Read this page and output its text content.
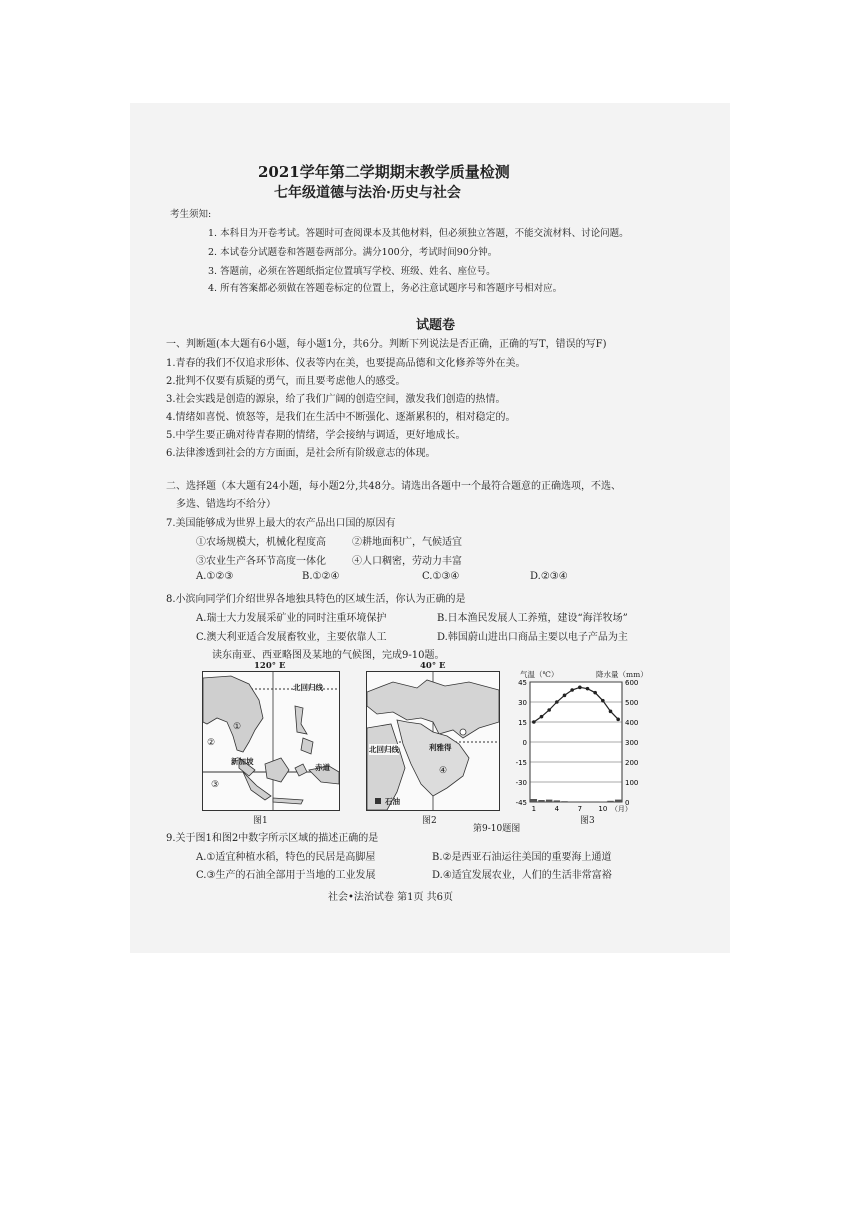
2021学年第二学期期末教学质量检测
七年级道德与法治·历史与社会
考生须知:
1. 本科目为开卷考试。答题时可查阅课本及其他材料，但必须独立答题，不能交流材料、讨论问题。
2. 本试卷分试题卷和答题卷两部分。满分100分，考试时间90分钟。
3. 答题前，必须在答题纸指定位置填写学校、班级、姓名、座位号。
4. 所有答案都必须做在答题卷标定的位置上，务必注意试题序号和答题序号相对应。
试题卷
一、判断题(本大题有6小题，每小题1分，共6分。判断下列说法是否正确，正确的写T，错误的写F)
1.青春的我们不仅追求形体、仪表等内在美，也要提高品德和文化修养等外在美。
2.批判不仅要有质疑的勇气，而且要考虑他人的感受。
3.社会实践是创造的源泉，给了我们广阔的创造空间，激发我们创造的热情。
4.情绪如喜悦、愤怒等，是我们在生活中不断强化、逐渐累积的，相对稳定的。
5.中学生要正确对待青春期的情绪，学会接纳与调适，更好地成长。
6.法律渗透到社会的方方面面，是社会所有阶级意志的体现。
二、选择题（本大题有24小题，每小题2分,共48分。请选出各题中一个最符合题意的正确选项，不选、
多选、错选均不给分）
7.美国能够成为世界上最大的农产品出口国的原因有
①农场规模大，机械化程度高	②耕地面积广，气候适宜
③农业生产各环节高度一体化	④人口稠密，劳动力丰富
A.①②③	B.①②④	C.①③④	D.②③④
8.小滨向同学们介绍世界各地独具特色的区域生活，你认为正确的是
A.瑞士大力发展采矿业的同时注重环境保护	B.日本渔民发展人工养殖，建设“海洋牧场”
C.澳大利亚适合发展畜牧业，主要依靠人工	D.韩国蔚山进出口商品主要以电子产品为主
读东南亚、西亚略图及某地的气候图，完成9-10题。
120° E
北回归线
②
①
③
新加坡
赤道
图1
40° E
北回归线	利雅得
④
石油
图2
第9-10题图
气温（℃）	降水量（mm）
45
30
15
0
-15
-30
-45
600
500
400
300
200
100
0
1	4	7 10 （月）
图3
9.关于图1和图2中数字所示区域的描述正确的是
A.①适宜种植水稻，特色的民居是高脚屋	B.②是西亚石油运往美国的重要海上通道
C.③生产的石油全部用于当地的工业发展	D.④适宜发展农业，人们的生活非常富裕
社会•法治试卷 第1页 共6页
